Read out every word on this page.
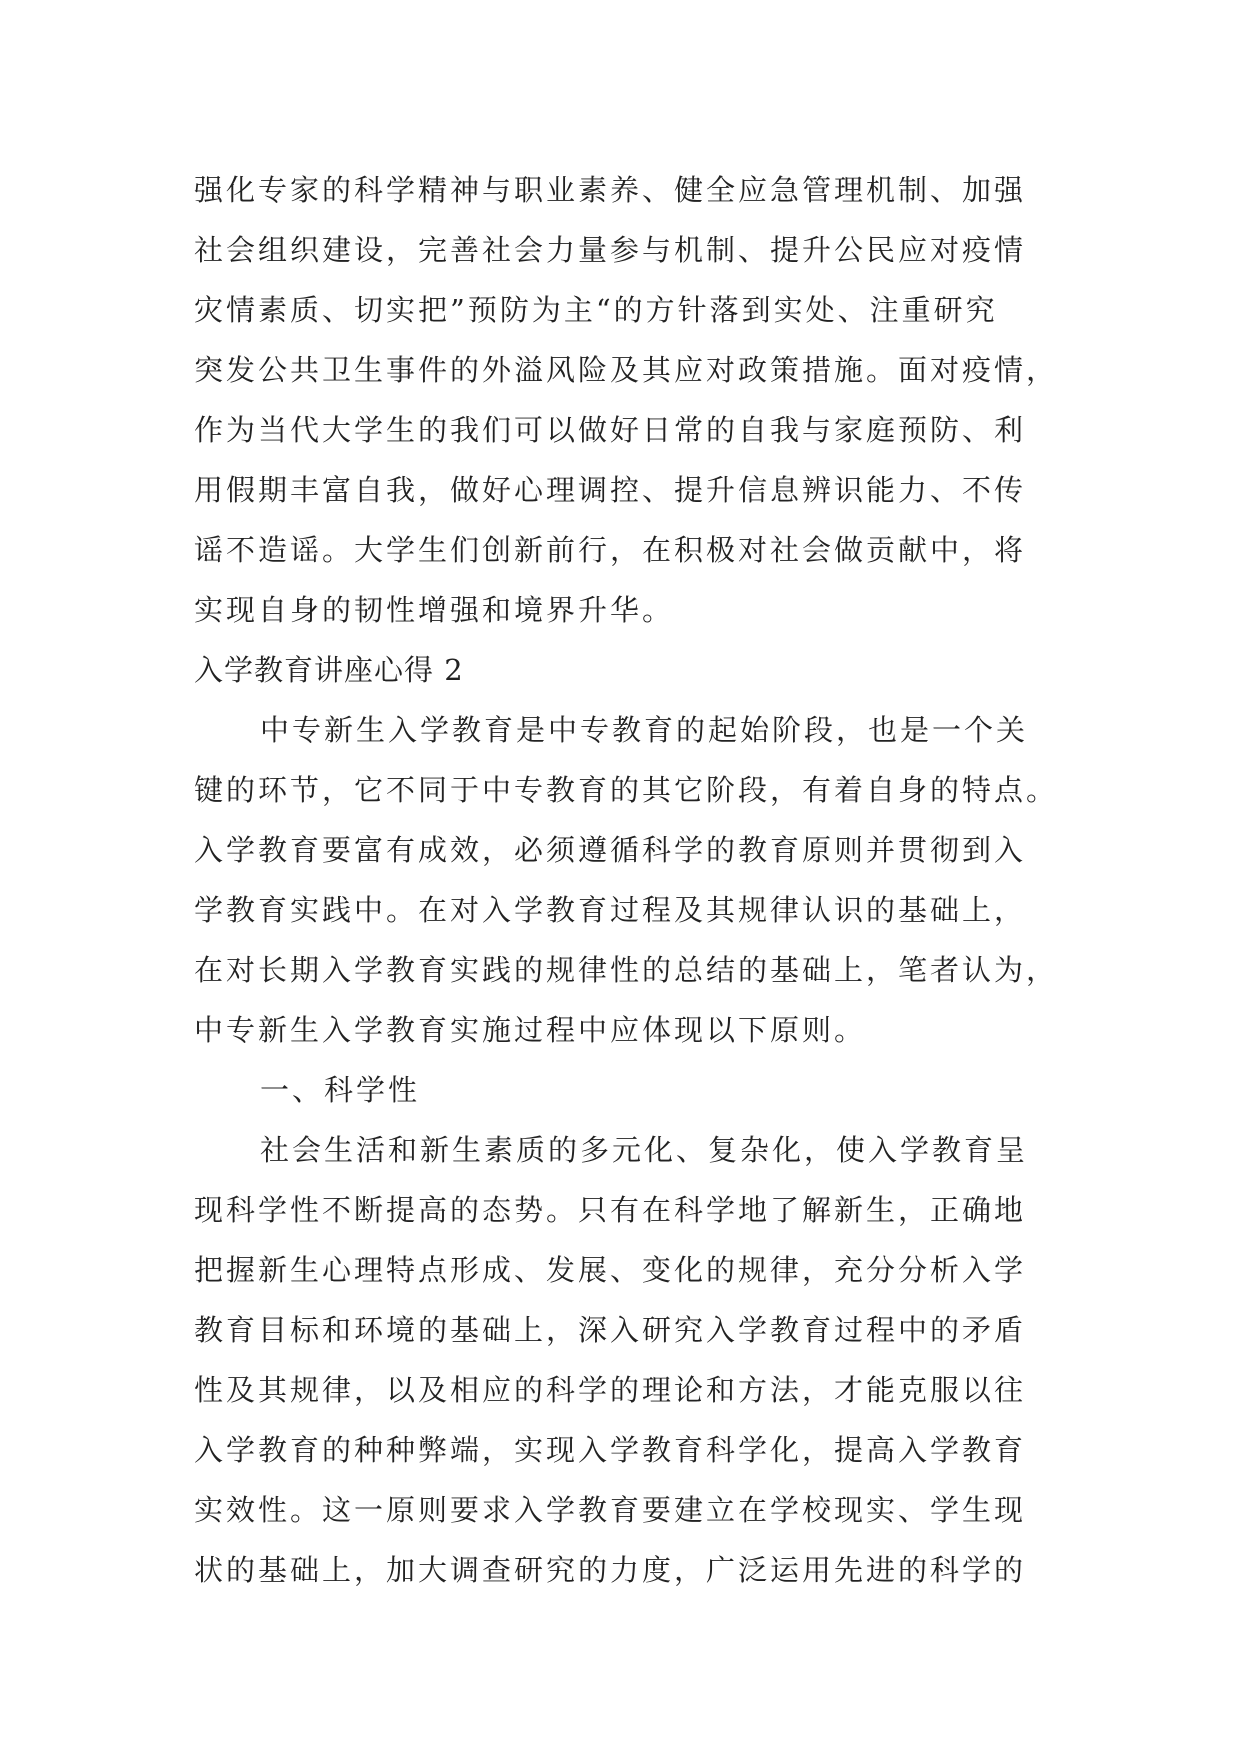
强化专家的科学精神与职业素养、健全应急管理机制、加强
社会组织建设，完善社会力量参与机制、提升公民应对疫情
灾情素质、切实把”预防为主“的方针落到实处、注重研究
突发公共卫生事件的外溢风险及其应对政策措施。面对疫情，
作为当代大学生的我们可以做好日常的自我与家庭预防、利
用假期丰富自我，做好心理调控、提升信息辨识能力、不传
谣不造谣。大学生们创新前行，在积极对社会做贡献中，将
实现自身的韧性增强和境界升华。
入学教育讲座心得 2
中专新生入学教育是中专教育的起始阶段，也是一个关
键的环节，它不同于中专教育的其它阶段，有着自身的特点。
入学教育要富有成效，必须遵循科学的教育原则并贯彻到入
学教育实践中。在对入学教育过程及其规律认识的基础上，
在对长期入学教育实践的规律性的总结的基础上，笔者认为，
中专新生入学教育实施过程中应体现以下原则。
一、科学性
社会生活和新生素质的多元化、复杂化，使入学教育呈
现科学性不断提高的态势。只有在科学地了解新生，正确地
把握新生心理特点形成、发展、变化的规律，充分分析入学
教育目标和环境的基础上，深入研究入学教育过程中的矛盾
性及其规律，以及相应的科学的理论和方法，才能克服以往
入学教育的种种弊端，实现入学教育科学化，提高入学教育
实效性。这一原则要求入学教育要建立在学校现实、学生现
状的基础上，加大调查研究的力度，广泛运用先进的科学的
